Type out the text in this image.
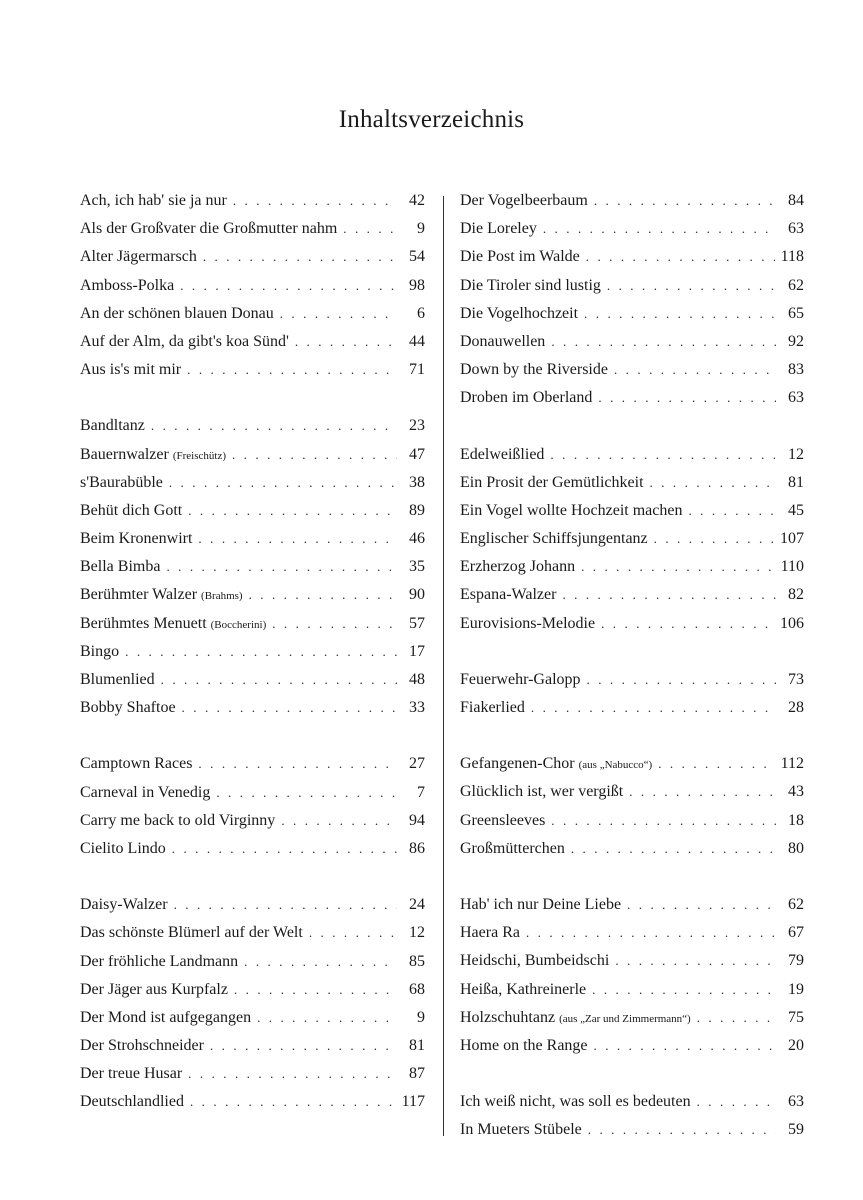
Inhaltsverzeichnis
Ach, ich hab' sie ja nur . . .	42
Als der Großvater die Großmutter nahm . . .	9
Alter Jägermarsch . . .	54
Amboss-Polka . . .	98
An der schönen blauen Donau . . .	6
Auf der Alm, da gibt's koa Sünd' . . .	44
Aus is's mit mir . . .	71
Bandltanz . . .	23
Bauernwalzer (Freischütz) . . .	47
s'Baurabüble . . .	38
Behüt dich Gott . . .	89
Beim Kronenwirt . . .	46
Bella Bimba . . .	35
Berühmter Walzer (Brahms) . . .	90
Berühmtes Menuett (Boccherini) . . .	57
Bingo . . .	17
Blumenlied . . .	48
Bobby Shaftoe . . .	33
Camptown Races . . .	27
Carneval in Venedig . . .	7
Carry me back to old Virginny . . .	94
Cielito Lindo . . .	86
Daisy-Walzer . . .	24
Das schönste Blümerl auf der Welt . . .	12
Der fröhliche Landmann . . .	85
Der Jäger aus Kurpfalz . . .	68
Der Mond ist aufgegangen . . .	9
Der Strohschneider . . .	81
Der treue Husar . . .	87
Deutschlandlied . . .	117
Der Vogelbeerbaum . . .	84
Die Loreley . . .	63
Die Post im Walde . . .	118
Die Tiroler sind lustig . . .	62
Die Vogelhochzeit . . .	65
Donauwellen . . .	92
Down by the Riverside . . .	83
Droben im Oberland . . .	63
Edelweißlied . . .	12
Ein Prosit der Gemütlichkeit . . .	81
Ein Vogel wollte Hochzeit machen . . .	45
Englischer Schiffsjungentanz . . .	107
Erzherzog Johann . . .	110
Espana-Walzer . . .	82
Eurovisions-Melodie . . .	106
Feuerwehr-Galopp . . .	73
Fiakerlied . . .	28
Gefangenen-Chor (aus „Nabucco“) . . .	112
Glücklich ist, wer vergißt . . .	43
Greensleeves . . .	18
Großmütterchen . . .	80
Hab' ich nur Deine Liebe . . .	62
Haera Ra . . .	67
Heidschi, Bumbeidschi . . .	79
Heißa, Kathreinerle . . .	19
Holzschuhtanz (aus „Zar und Zimmermann“) . . .	75
Home on the Range . . .	20
Ich weiß nicht, was soll es bedeuten . . .	63
In Mueters Stübele . . .	59
